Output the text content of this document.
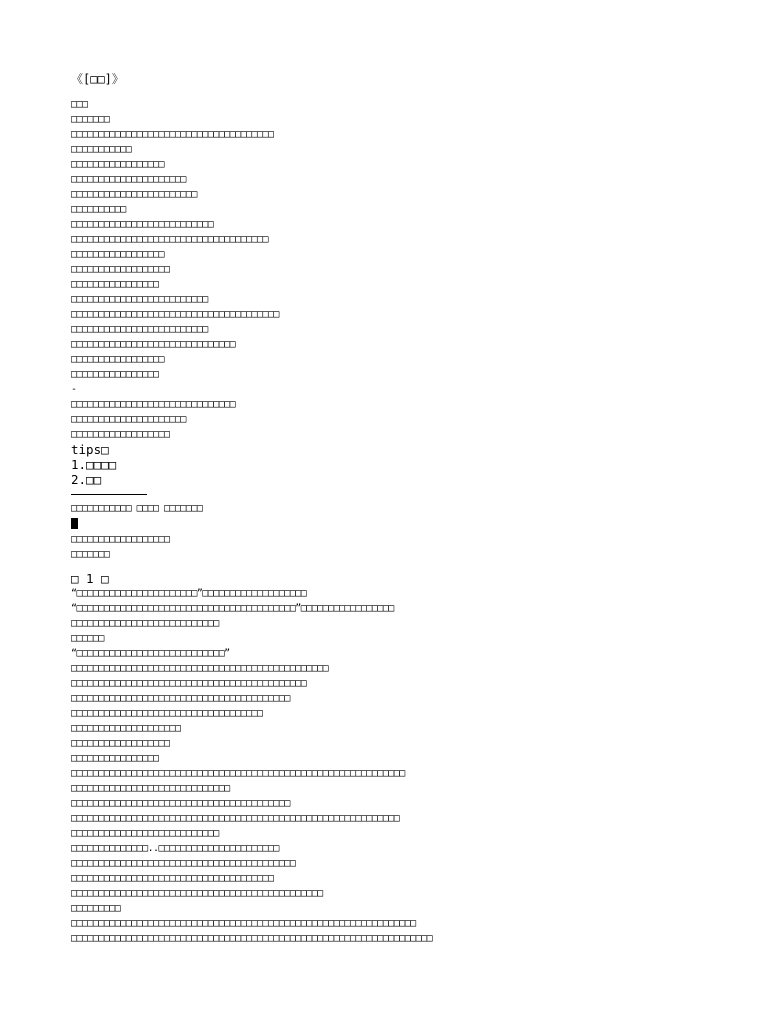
《[□□]》
□□□
□□□□□□□
□□□□□□□□□□□□□□□□□□□□□□□□□□□□□□□□□□□□□
□□□□□□□□□□□
□□□□□□□□□□□□□□□□□
□□□□□□□□□□□□□□□□□□□□□
□□□□□□□□□□□□□□□□□□□□□□□
□□□□□□□□□□
□□□□□□□□□□□□□□□□□□□□□□□□□□
□□□□□□□□□□□□□□□□□□□□□□□□□□□□□□□□□□□□
□□□□□□□□□□□□□□□□□
□□□□□□□□□□□□□□□□□□
□□□□□□□□□□□□□□□□
□□□□□□□□□□□□□□□□□□□□□□□□□
□□□□□□□□□□□□□□□□□□□□□□□□□□□□□□□□□□□□□□
□□□□□□□□□□□□□□□□□□□□□□□□□
□□□□□□□□□□□□□□□□□□□□□□□□□□□□□□
□□□□□□□□□□□□□□□□□
□□□□□□□□□□□□□□□□
-
□□□□□□□□□□□□□□□□□□□□□□□□□□□□□□
□□□□□□□□□□□□□□□□□□□□□
□□□□□□□□□□□□□□□□□□
tips□
1.□□□□
2.□□
□□□□□□□□□□□ □□□□ □□□□□□□
□□□□□□□□□□□□□□□□□□
□□□□□□□
□ 1 □
“□□□□□□□□□□□□□□□□□□□□□□”□□□□□□□□□□□□□□□□□□□
“□□□□□□□□□□□□□□□□□□□□□□□□□□□□□□□□□□□□□□□□”□□□□□□□□□□□□□□□□□
□□□□□□□□□□□□□□□□□□□□□□□□□□□
□□□□□□
“□□□□□□□□□□□□□□□□□□□□□□□□□□□”
□□□□□□□□□□□□□□□□□□□□□□□□□□□□□□□□□□□□□□□□□□□□□□□
□□□□□□□□□□□□□□□□□□□□□□□□□□□□□□□□□□□□□□□□□□□
□□□□□□□□□□□□□□□□□□□□□□□□□□□□□□□□□□□□□□□□
□□□□□□□□□□□□□□□□□□□□□□□□□□□□□□□□□□□
□□□□□□□□□□□□□□□□□□□□
□□□□□□□□□□□□□□□□□□
□□□□□□□□□□□□□□□□
□□□□□□□□□□□□□□□□□□□□□□□□□□□□□□□□□□□□□□□□□□□□□□□□□□□□□□□□□□□□□
□□□□□□□□□□□□□□□□□□□□□□□□□□□□□
□□□□□□□□□□□□□□□□□□□□□□□□□□□□□□□□□□□□□□□□
□□□□□□□□□□□□□□□□□□□□□□□□□□□□□□□□□□□□□□□□□□□□□□□□□□□□□□□□□□□□
□□□□□□□□□□□□□□□□□□□□□□□□□□□
□□□□□□□□□□□□□□..□□□□□□□□□□□□□□□□□□□□□□
□□□□□□□□□□□□□□□□□□□□□□□□□□□□□□□□□□□□□□□□□
□□□□□□□□□□□□□□□□□□□□□□□□□□□□□□□□□□□□□
□□□□□□□□□□□□□□□□□□□□□□□□□□□□□□□□□□□□□□□□□□□□□□
□□□□□□□□□
□□□□□□□□□□□□□□□□□□□□□□□□□□□□□□□□□□□□□□□□□□□□□□□□□□□□□□□□□□□□□□□
□□□□□□□□□□□□□□□□□□□□□□□□□□□□□□□□□□□□□□□□□□□□□□□□□□□□□□□□□□□□□□□□□□
